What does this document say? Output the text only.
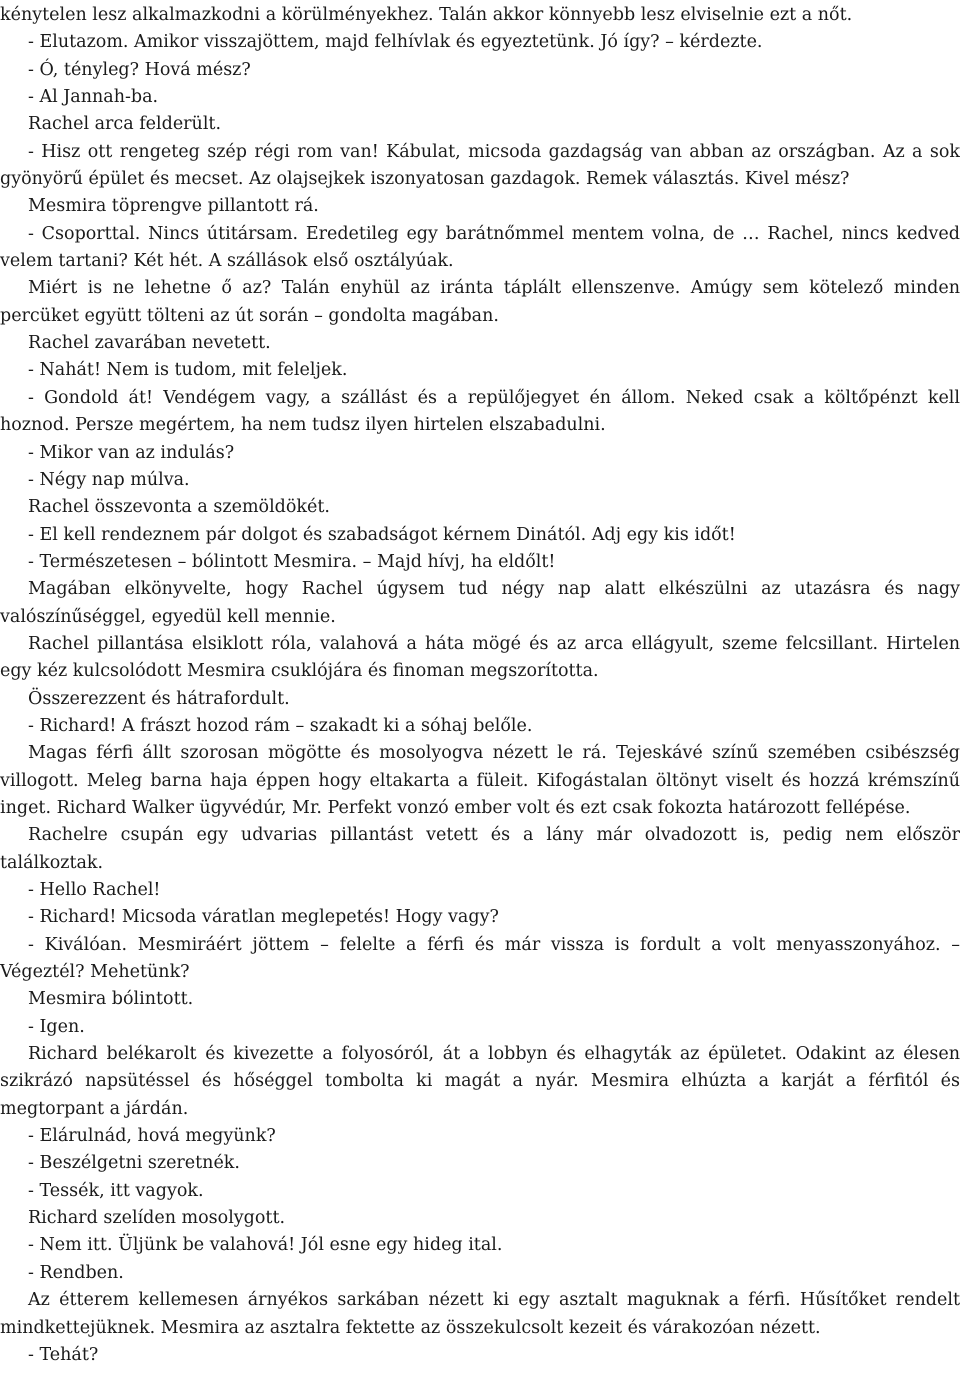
kénytelen lesz alkalmazkodni a körülményekhez. Talán akkor könnyebb lesz elviselnie ezt a nőt.

- Elutazom. Amikor visszajöttem, majd felhívlak és egyeztetünk. Jó így? – kérdezte.

- Ó, tényleg? Hová mész?

- Al Jannah-ba.

Rachel arca felderült.

- Hisz ott rengeteg szép régi rom van! Kábulat, micsoda gazdagság van abban az országban. Az a sok gyönyörű épület és mecset. Az olajsejkek iszonyatosan gazdagok. Remek választás. Kivel mész?

Mesmira töprengve pillantott rá.

- Csoporttal. Nincs útitársam. Eredetileg egy barátnőmmel mentem volna, de … Rachel, nincs kedved velem tartani? Két hét. A szállások első osztályúak.

Miért is ne lehetne ő az? Talán enyhül az iránta táplált ellenszenve. Amúgy sem kötelező minden percüket együtt tölteni az út során – gondolta magában.

Rachel zavarában nevetett.

- Nahát! Nem is tudom, mit feleljek.

- Gondold át! Vendégem vagy, a szállást és a repülőjegyet én állom. Neked csak a költőpénzt kell hoznod. Persze megértem, ha nem tudsz ilyen hirtelen elszabadulni.

- Mikor van az indulás?

- Négy nap múlva.

Rachel összevonta a szemöldökét.

- El kell rendeznem pár dolgot és szabadságot kérnem Dinától. Adj egy kis időt!

- Természetesen – bólintott Mesmira. – Majd hívj, ha eldőlt!

Magában elkönyvelte, hogy Rachel úgysem tud négy nap alatt elkészülni az utazásra és nagy valószínűséggel, egyedül kell mennie.

Rachel pillantása elsiklott róla, valahová a háta mögé és az arca ellágyult, szeme felcsillant. Hirtelen egy kéz kulcsolódott Mesmira csuklójára és finoman megszorította.

Összerezzent és hátrafordult.

- Richard! A frászt hozod rám – szakadt ki a sóhaj belőle.

Magas férfi állt szorosan mögötte és mosolyogva nézett le rá. Tejeskávé színű szemében csibészség villogott. Meleg barna haja éppen hogy eltakarta a füleit. Kifogástalan öltönyt viselt és hozzá krémszínű inget. Richard Walker ügyvédúr, Mr. Perfekt vonzó ember volt és ezt csak fokozta határozott fellépése.

Rachelre csupán egy udvarias pillantást vetett és a lány már olvadozott is, pedig nem először találkoztak.

- Hello Rachel!

- Richard! Micsoda váratlan meglepetés! Hogy vagy?

- Kiválóan. Mesmiráért jöttem – felelte a férfi és már vissza is fordult a volt menyasszonyához. – Végeztél? Mehetünk?

Mesmira bólintott.

- Igen.

Richard belékarolt és kivezette a folyosóról, át a lobbyn és elhagyták az épületet. Odakint az élesen szikrázó napsütéssel és hőséggel tombolta ki magát a nyár. Mesmira elhúzta a karját a férfitól és megtorpant a járdán.

- Elárulnád, hová megyünk?

- Beszélgetni szeretnék.

- Tessék, itt vagyok.

Richard szelíden mosolygott.

- Nem itt. Üljünk be valahová! Jól esne egy hideg ital.

- Rendben.

Az étterem kellemesen árnyékos sarkában nézett ki egy asztalt maguknak a férfi. Hűsítőket rendelt mindkettejüknek. Mesmira az asztalra fektette az összekulcsolt kezeit és várakozóan nézett.

- Tehát?
